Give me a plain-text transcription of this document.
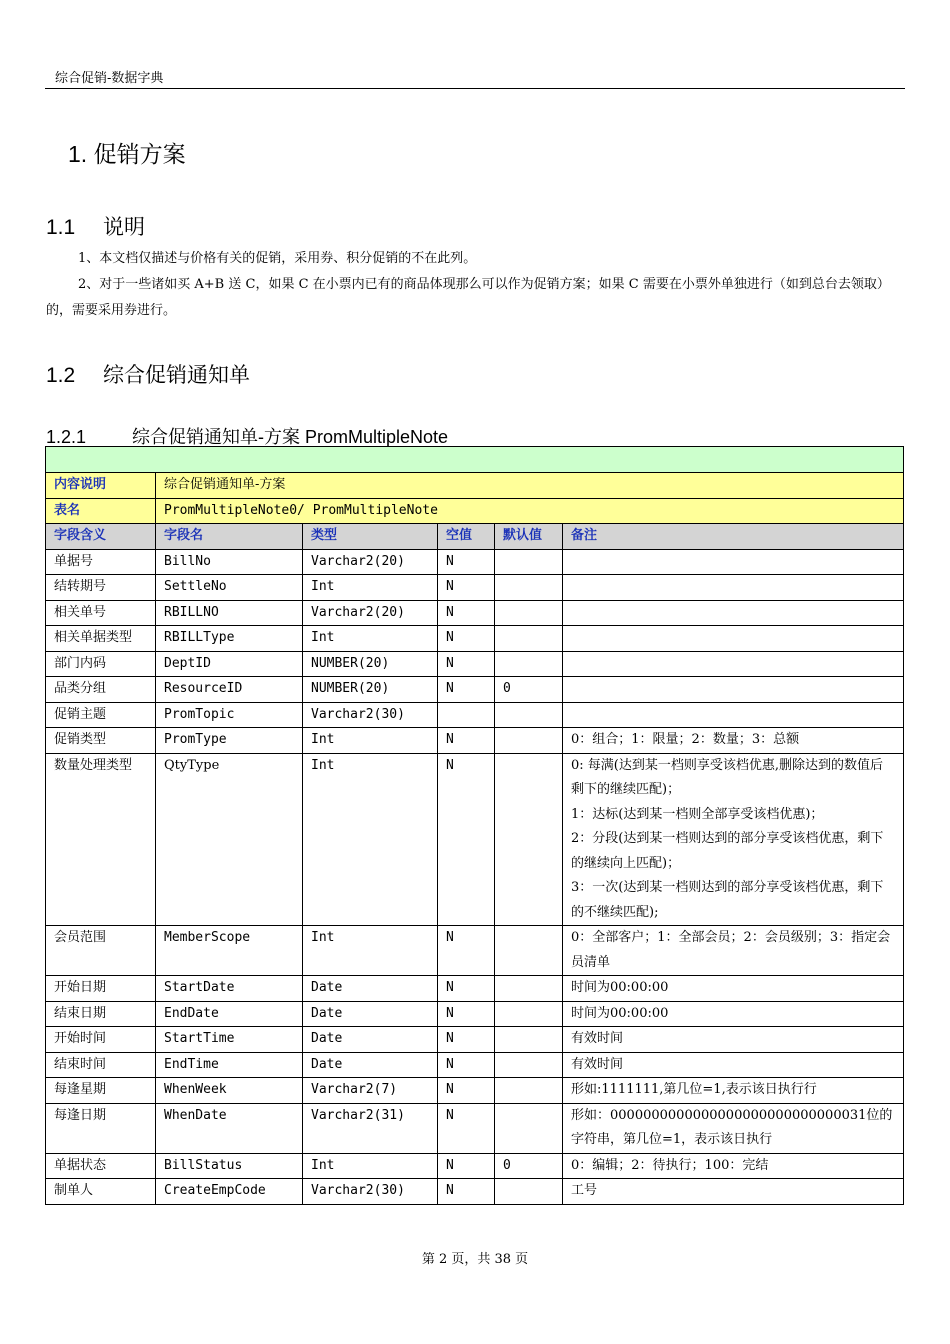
综合促销-数据字典
1. 促销方案
1.1 说明
1、本文档仅描述与价格有关的促销，采用券、积分促销的不在此列。
2、对于一些诸如买 A+B 送 C，如果 C 在小票内已有的商品体现那么可以作为促销方案；如果 C 需要在小票外单独进行（如到总台去领取）的，需要采用券进行。
1.2 综合促销通知单
1.2.1	综合促销通知单-方案 PromMultipleNote

内容说明	综合促销通知单-方案				
表名	PromMultipleNote0/ PromMultipleNote				
字段含义	字段名	类型	空值	默认值	备注
单据号	BillNo	Varchar2(20)	N		
结转期号	SettleNo	Int	N		
相关单号	RBILLNO	Varchar2(20)	N		
相关单据类型	RBILLType	Int	N		
部门内码	DeptID	NUMBER(20)	N		
品类分组	ResourceID	NUMBER(20)	N	0	
促销主题	PromTopic	Varchar2(30)			
促销类型	PromType	Int	N		0：组合；1：限量；2：数量；3：总额
数量处理类型	QtyType	Int	N		0: 每满(达到某一档则享受该档优惠,删除达到的数值后剩下的继续匹配)；
1：达标(达到某一档则全部享受该档优惠)；
2：分段(达到某一档则达到的部分享受该档优惠，剩下的继续向上匹配)；
3：一次(达到某一档则达到的部分享受该档优惠，剩下的不继续匹配);
会员范围	MemberScope	Int	N		0：全部客户；1：全部会员；2：会员级别；3：指定会员清单
开始日期	StartDate	Date	N		时间为00:00:00
结束日期	EndDate	Date	N		时间为00:00:00
开始时间	StartTime	Date	N		有效时间
结束时间	EndTime	Date	N		有效时间
每逢星期	WhenWeek	Varchar2(7)	N		形如:1111111,第几位=1,表示该日执行行
每逢日期	WhenDate	Varchar2(31)	N		形如：0000000000000000000000000000031位的字符串，第几位=1，表示该日执行
单据状态	BillStatus	Int	N	0	0：编辑；2：待执行；100：完结
制单人	CreateEmpCode	Varchar2(30)	N		工号
第 2 页，共 38 页
